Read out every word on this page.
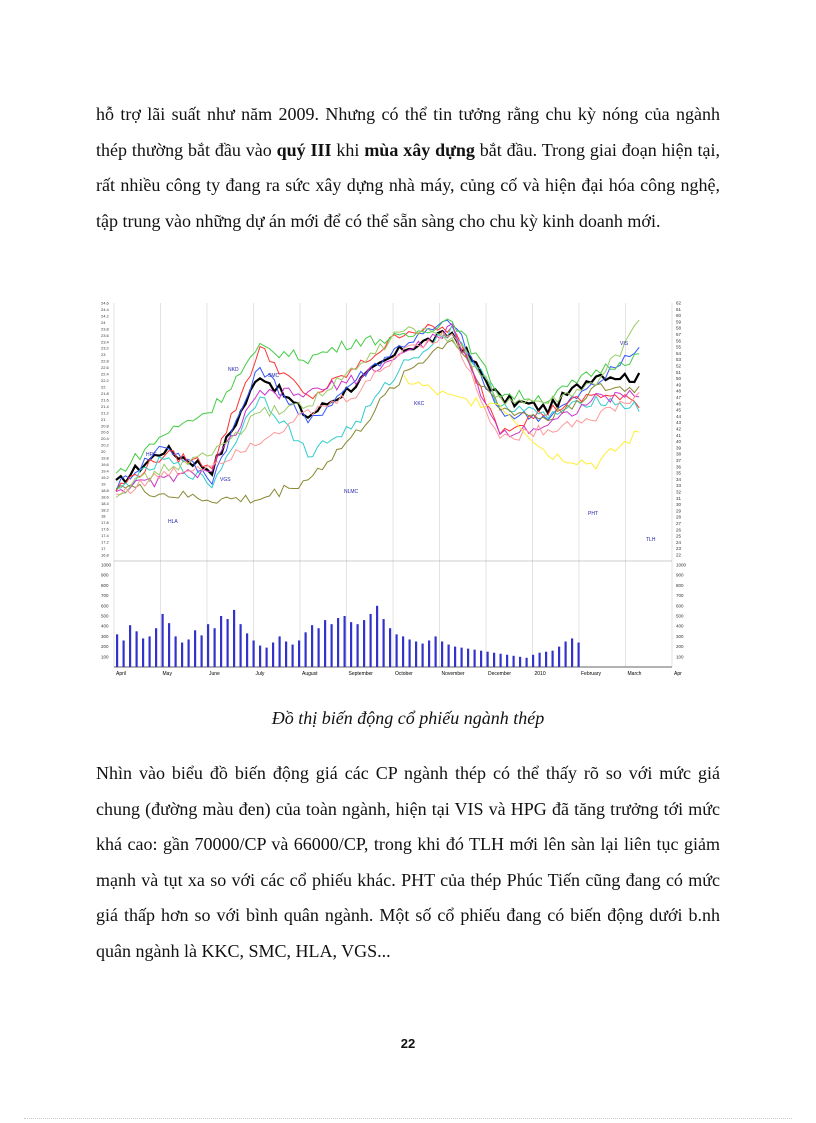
hỗ trợ lãi suất như năm 2009. Nhưng có thể tin tưởng rằng chu kỳ nóng của ngành thép thường bắt đầu vào quý III khi mùa xây dựng bắt đầu. Trong giai đoạn hiện tại, rất nhiều công ty đang ra sức xây dựng nhà máy, củng cố và hiện đại hóa công nghệ, tập trung vào những dự án mới để có thể sẵn sàng cho chu kỳ kinh doanh mới.

April	May	June	July	August	September	October	November	December	2010	February	March	Apr
22
23
24
25
26
27
28
29
30
31
32
33
34
35
36
37
38
39
40
41
42
43
44
45
46
47
48
49
50
51
52
53
54
55
56
57
58
59
60
61
62
16.8
17
17.2
17.4
17.6
17.8
18
18.2
18.4
18.6
18.8
19
19.2
19.4
19.6
19.8
20
20.2
20.4
20.6
20.8
21
21.2
21.4
21.6
21.8
22
22.2
22.4
22.6
22.8
23
23.2
23.4
23.6
23.8
24
24.2
24.4
24.6
100	100
200	200
300	300
400	400
500	500
600	600
700	700
800	800
900	900
1000	1000
HPG
NKD
SMC
VGS
NLMC
KKC
HLA
PHT
VIS
TLH
Đồ thị biến động cổ phiếu ngành thép

Nhìn vào biểu đồ biến động giá các CP ngành thép có thể thấy rõ so với mức giá chung (đường màu đen) của toàn ngành, hiện tại VIS và HPG đã tăng trưởng tới mức khá cao: gần 70000/CP và 66000/CP, trong khi đó TLH mới lên sàn lại liên tục giảm mạnh và tụt xa so với các cổ phiếu khác. PHT của thép Phúc Tiến cũng đang có mức giá thấp hơn so với bình quân ngành. Một số cổ phiếu đang có biến động dưới b.nh quân ngành là KKC, SMC, HLA, VGS...

22
